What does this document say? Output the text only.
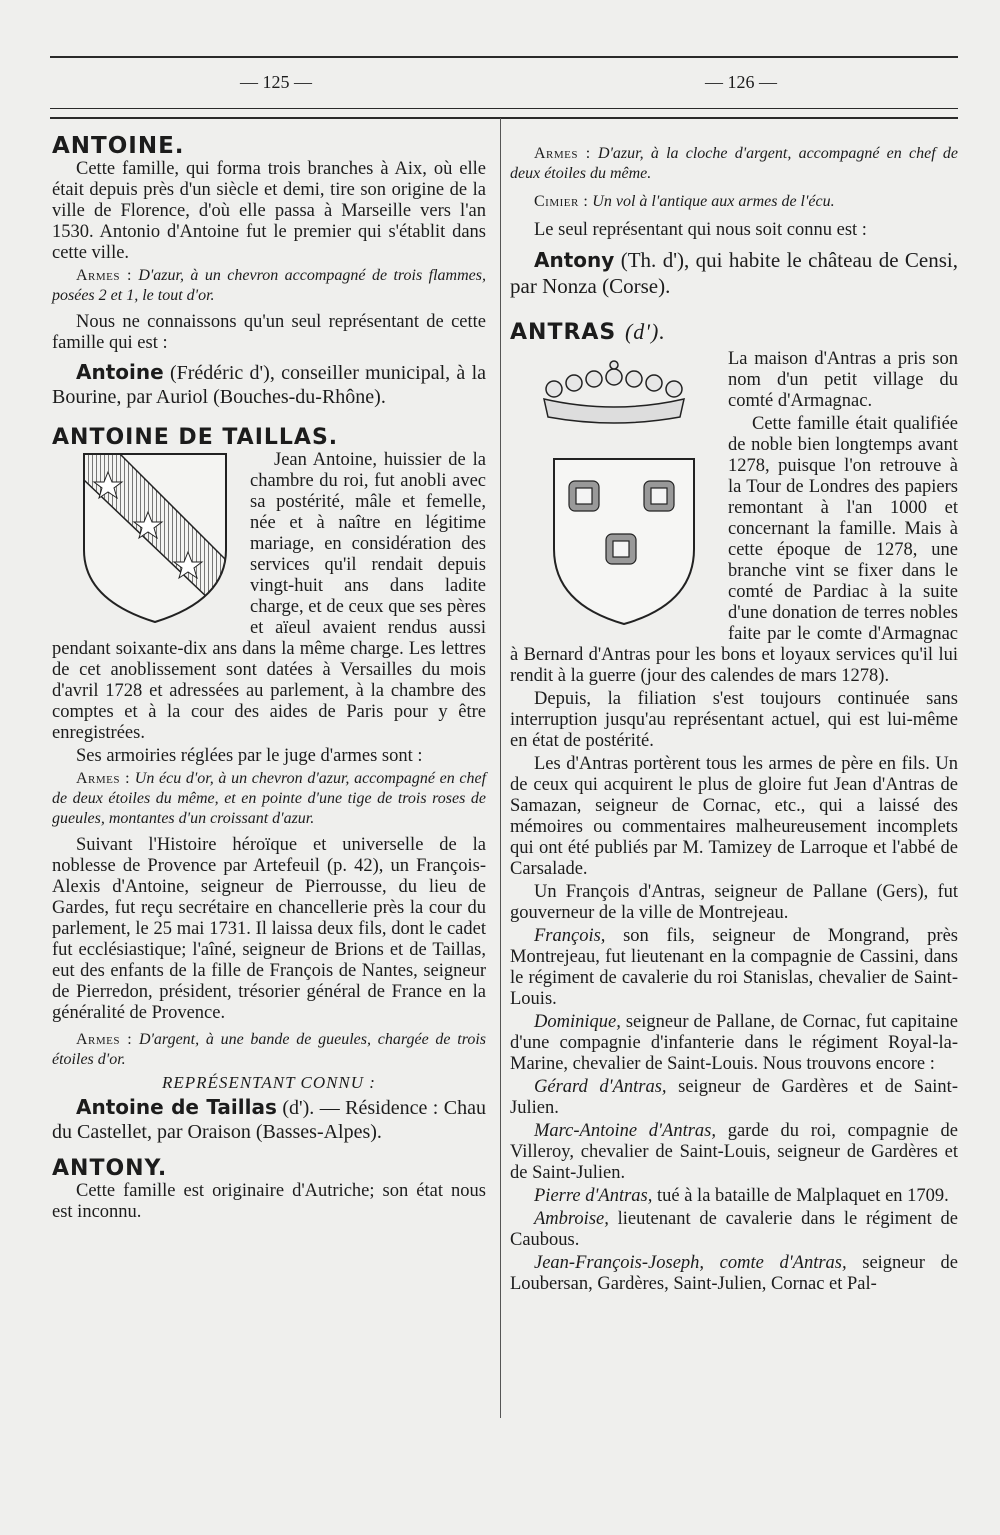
— 125 —	— 126 —

ANTOINE.

Cette famille, qui forma trois branches à Aix, où elle était depuis près d'un siècle et demi, tire son origine de la ville de Florence, d'où elle passa à Marseille vers l'an 1530. Antonio d'Antoine fut le premier qui s'établit dans cette ville.

Armes : D'azur, à un chevron accompagné de trois flammes, posées 2 et 1, le tout d'or.

Nous ne connaissons qu'un seul représentant de cette famille qui est :

Antoine (Frédéric d'), conseiller municipal, à la Bourine, par Auriol (Bouches-du-Rhône).

ANTOINE DE TAILLAS.

Jean Antoine, huissier de la chambre du roi, fut anobli avec sa postérité, mâle et femelle, née et à naître en légitime mariage, en considération des services qu'il rendait depuis vingt-huit ans dans ladite charge, et de ceux que ses pères et aïeul avaient rendus aussi pendant soixante-dix ans dans la même charge. Les lettres de cet anoblissement sont datées à Versailles du mois d'avril 1728 et adressées au parlement, à la chambre des comptes et à la cour des aides de Paris pour y être enregistrées.

Ses armoiries réglées par le juge d'armes sont :

Armes : Un écu d'or, à un chevron d'azur, accompagné en chef de deux étoiles du même, et en pointe d'une tige de trois roses de gueules, montantes d'un croissant d'azur.

Suivant l'Histoire héroïque et universelle de la noblesse de Provence par Artefeuil (p. 42), un François-Alexis d'Antoine, seigneur de Pierrousse, du lieu de Gardes, fut reçu secrétaire en chancellerie près la cour du parlement, le 25 mai 1731. Il laissa deux fils, dont le cadet fut ecclésiastique; l'aîné, seigneur de Brions et de Taillas, eut des enfants de la fille de François de Nantes, seigneur de Pierredon, président, trésorier général de France en la généralité de Provence.

Armes : D'argent, à une bande de gueules, chargée de trois étoiles d'or.

REPRÉSENTANT CONNU :

Antoine de Taillas (d'). — Résidence : Chau du Castellet, par Oraison (Basses-Alpes).

ANTONY.

Cette famille est originaire d'Autriche; son état nous est inconnu.

Armes : D'azur, à la cloche d'argent, accompagné en chef de deux étoiles du même.

Cimier : Un vol à l'antique aux armes de l'écu.

Le seul représentant qui nous soit connu est :

Antony (Th. d'), qui habite le château de Censi, par Nonza (Corse).

ANTRAS (d').

La maison d'Antras a pris son nom d'un petit village du comté d'Armagnac.

Cette famille était qualifiée de noble bien longtemps avant 1278, puisque l'on retrouve à la Tour de Londres des papiers remontant à l'an 1000 et concernant la famille. Mais à cette époque de 1278, une branche vint se fixer dans le comté de Pardiac à la suite d'une donation de terres nobles faite par le comte d'Armagnac à Bernard d'Antras pour les bons et loyaux services qu'il lui rendit à la guerre (jour des calendes de mars 1278).

Depuis, la filiation s'est toujours continuée sans interruption jusqu'au représentant actuel, qui est lui-même en état de postérité.

Les d'Antras portèrent tous les armes de père en fils. Un de ceux qui acquirent le plus de gloire fut Jean d'Antras de Samazan, seigneur de Cornac, etc., qui a laissé des mémoires ou commentaires malheureusement incomplets qui ont été publiés par M. Tamizey de Larroque et l'abbé de Carsalade.

Un François d'Antras, seigneur de Pallane (Gers), fut gouverneur de la ville de Montrejeau.

François, son fils, seigneur de Mongrand, près Montrejeau, fut lieutenant en la compagnie de Cassini, dans le régiment de cavalerie du roi Stanislas, chevalier de Saint-Louis.

Dominique, seigneur de Pallane, de Cornac, fut capitaine d'une compagnie d'infanterie dans le régiment Royal-la-Marine, chevalier de Saint-Louis. Nous trouvons encore :

Gérard d'Antras, seigneur de Gardères et de Saint-Julien.

Marc-Antoine d'Antras, garde du roi, compagnie de Villeroy, chevalier de Saint-Louis, seigneur de Gardères et de Saint-Julien.

Pierre d'Antras, tué à la bataille de Malplaquet en 1709.

Ambroise, lieutenant de cavalerie dans le régiment de Caubous.

Jean-François-Joseph, comte d'Antras, seigneur de Loubersan, Gardères, Saint-Julien, Cornac et Pal-
